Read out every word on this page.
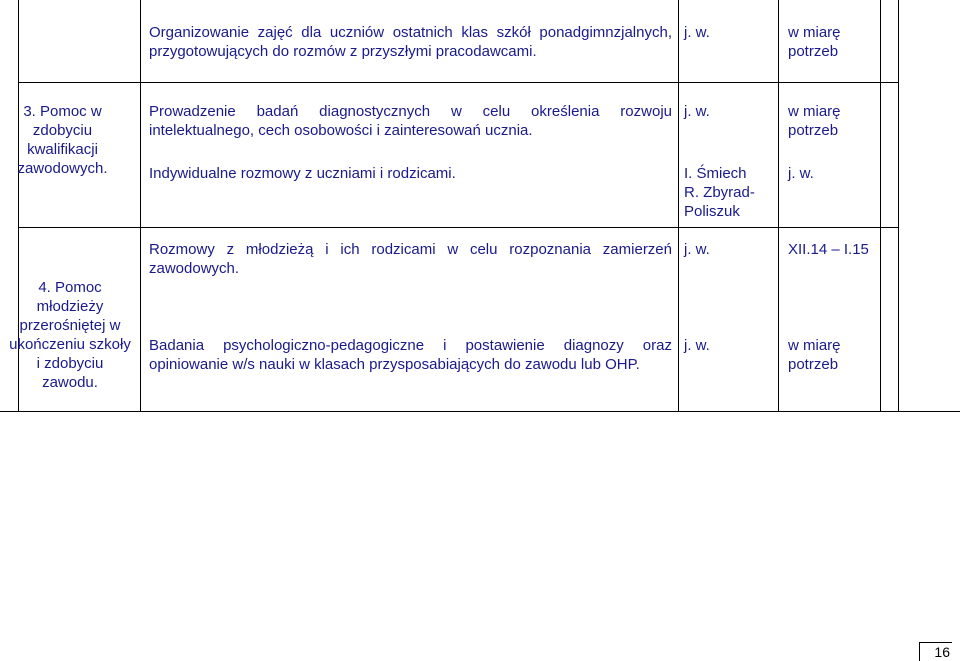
Organizowanie zajęć dla uczniów ostatnich klas szkół ponadgimnzjalnych, przygotowujących do rozmów z przyszłymi pracodawcami.
j. w.	w miarę
potrzeb
3. Pomoc w
zdobyciu
kwalifikacji
zawodowych.
Prowadzenie badań diagnostycznych w celu określenia rozwoju intelektualnego, cech osobowości i zainteresowań ucznia.
Indywidualne rozmowy z uczniami i rodzicami.
j. w.
I. Śmiech
R. Zbyrad-
Poliszuk
w miarę
potrzeb
j. w.
4. Pomoc
młodzieży
przerośniętej w
ukończeniu szkoły
i zdobyciu
zawodu.
Rozmowy z młodzieżą i ich rodzicami w celu rozpoznania zamierzeń zawodowych.
Badania psychologiczno-pedagogiczne i postawienie diagnozy oraz opiniowanie w/s nauki w klasach przysposabiających do zawodu lub OHP.
j. w.
j. w.
XII.14 – I.15
w miarę
potrzeb
16
